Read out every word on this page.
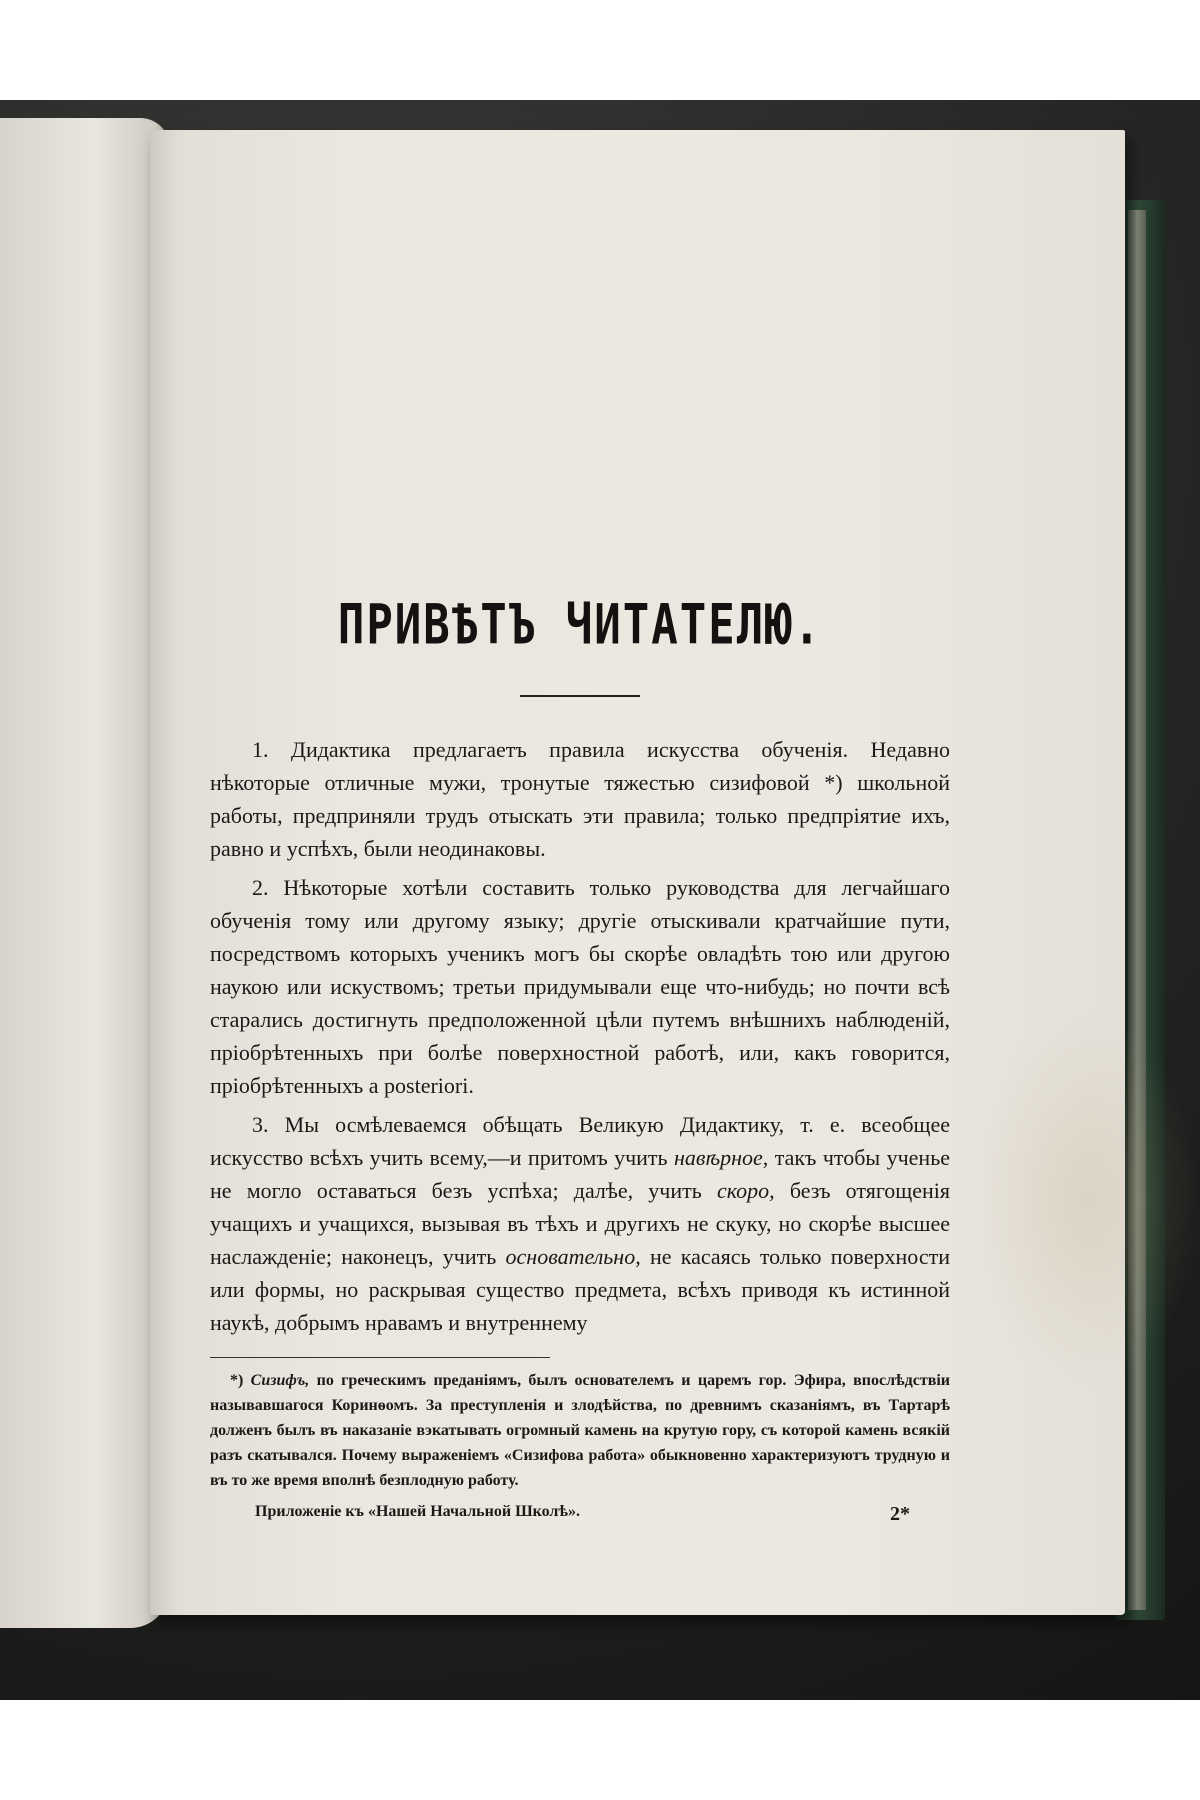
ПРИВѢТЪ ЧИТАТЕЛЮ.

1. Дидактика предлагаетъ правила искусства обученія. Недавно нѣкоторые отличные мужи, тронутые тяжестью сизифовой *) школьной работы, предприняли трудъ отыскать эти правила; только предпріятие ихъ, равно и успѣхъ, были неодинаковы.

2. Нѣкоторые хотѣли составить только руководства для легчайшаго обученія тому или другому языку; другіе отыскивали кратчайшие пути, посредствомъ которыхъ ученикъ могъ бы скорѣе овладѣть тою или другою наукою или искуствомъ; третьи придумывали еще что-нибудь; но почти всѣ старались достигнуть предположенной цѣли путемъ внѣшнихъ наблюденій, пріобрѣтенныхъ при болѣе поверхностной работѣ, или, какъ говорится, пріобрѣтенныхъ a posteriori.

3. Мы осмѣлеваемся обѣщать Великую Дидактику, т. е. всеобщее искусство всѣхъ учить всему,—и притомъ учить навѣрное, такъ чтобы ученье не могло оставаться безъ успѣха; далѣе, учить скоро, безъ отягощенія учащихъ и учащихся, вызывая въ тѣхъ и другихъ не скуку, но скорѣе высшее наслажденіе; наконецъ, учить основательно, не касаясь только поверхности или формы, но раскрывая существо предмета, всѣхъ приводя къ истинной наукѣ, добрымъ нравамъ и внутреннему

*) Сизифъ, по греческимъ преданіямъ, былъ основателемъ и царемъ гор. Эфира, впослѣдствіи называвшагося Коринѳомъ. За преступленія и злодѣйства, по древнимъ сказаніямъ, въ Тартарѣ долженъ былъ въ наказаніе вэкатывать огромный камень на крутую гору, съ которой камень всякій разъ скатывался. Почему выраженіемъ «Сизифова работа» обыкновенно характеризуютъ трудную и въ то же время вполнѣ безплодную работу.

Приложеніе къ «Нашей Начальной Школѣ».	2*
